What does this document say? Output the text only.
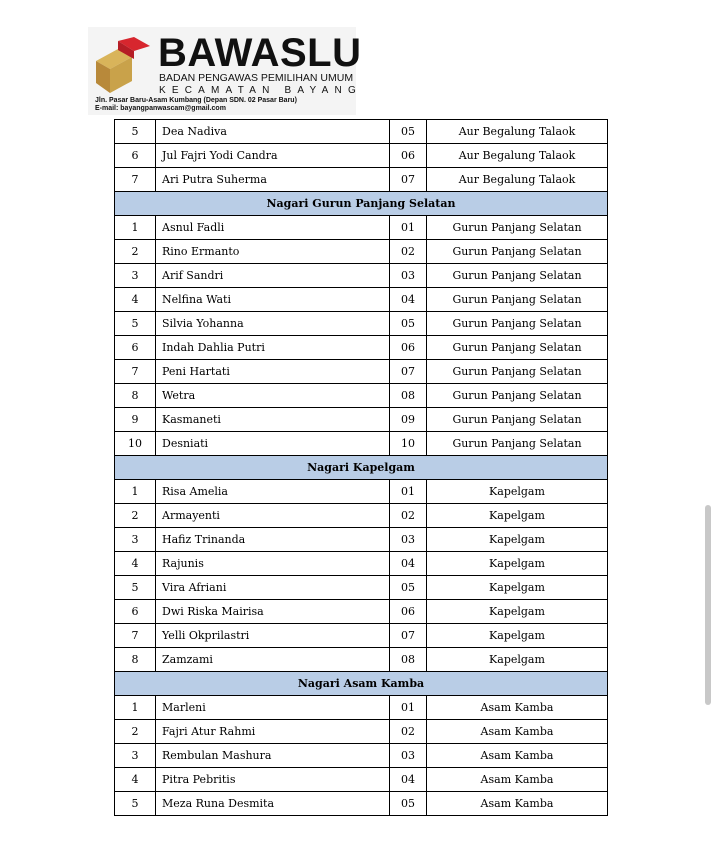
BAWASLU
BADAN PENGAWAS PEMILIHAN UMUM
KECAMATAN BAYANG
Jln. Pasar Baru-Asam Kumbang (Depan SDN. 02 Pasar Baru)
E-mail: bayangpanwascam@gmail.com
5	Dea Nadiva	05	Aur Begalung Talaok
6	Jul Fajri Yodi Candra	06	Aur Begalung Talaok
7	Ari Putra Suherma	07	Aur Begalung Talaok
Nagari Gurun Panjang Selatan			
1	Asnul Fadli	01	Gurun Panjang Selatan
2	Rino Ermanto	02	Gurun Panjang Selatan
3	Arif Sandri	03	Gurun Panjang Selatan
4	Nelfina Wati	04	Gurun Panjang Selatan
5	Silvia Yohanna	05	Gurun Panjang Selatan
6	Indah Dahlia Putri	06	Gurun Panjang Selatan
7	Peni Hartati	07	Gurun Panjang Selatan
8	Wetra	08	Gurun Panjang Selatan
9	Kasmaneti	09	Gurun Panjang Selatan
10	Desniati	10	Gurun Panjang Selatan
Nagari Kapelgam			
1	Risa Amelia	01	Kapelgam
2	Armayenti	02	Kapelgam
3	Hafiz Trinanda	03	Kapelgam
4	Rajunis	04	Kapelgam
5	Vira Afriani	05	Kapelgam
6	Dwi Riska Mairisa	06	Kapelgam
7	Yelli Okprilastri	07	Kapelgam
8	Zamzami	08	Kapelgam
Nagari Asam Kamba			
1	Marleni	01	Asam Kamba
2	Fajri Atur Rahmi	02	Asam Kamba
3	Rembulan Mashura	03	Asam Kamba
4	Pitra Pebritis	04	Asam Kamba
5	Meza Runa Desmita	05	Asam Kamba
